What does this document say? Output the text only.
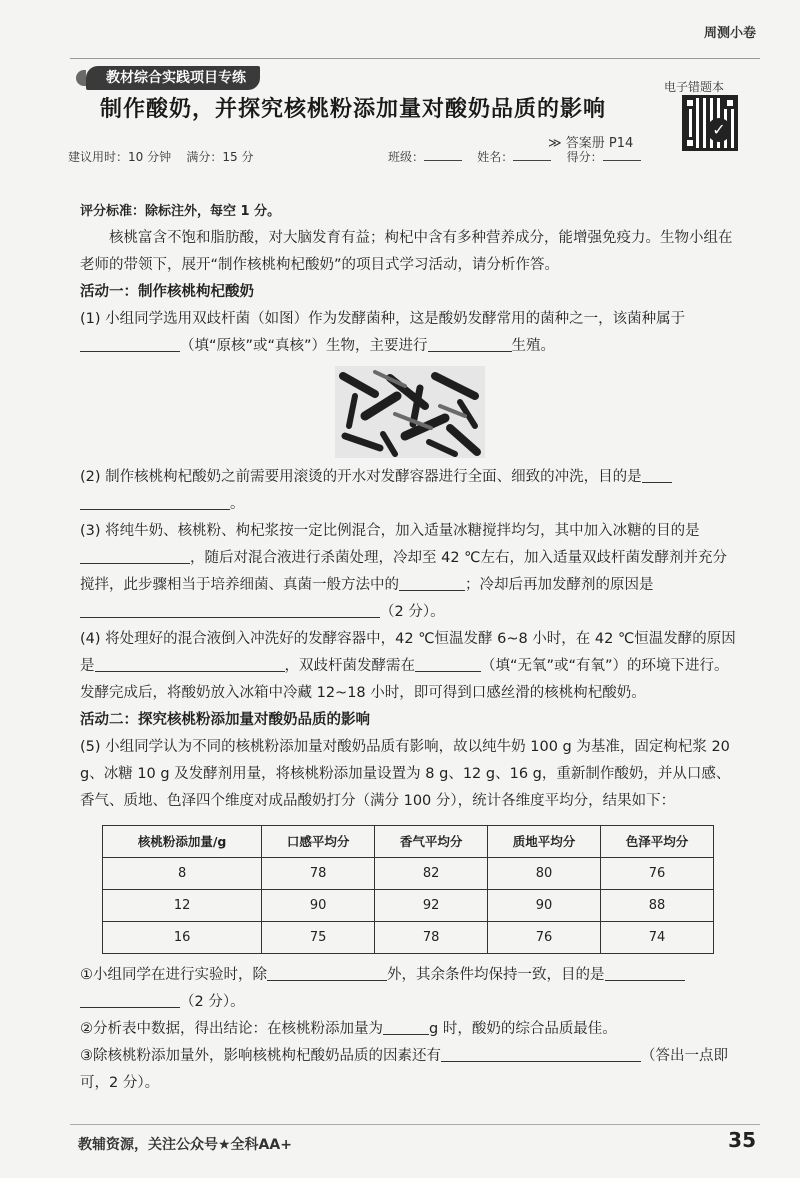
周测小卷
教材综合实践项目专练
制作酸奶，并探究核桃粉添加量对酸奶品质的影响
电子错题本
✓
≫ 答案册 P14
建议用时：10 分钟 满分：15 分	班级：	姓名：	得分：

评分标准：除标注外，每空 1 分。

核桃富含不饱和脂肪酸，对大脑发育有益；枸杞中含有多种营养成分，能增强免疫力。生物小组在老师的带领下，展开“制作核桃枸杞酸奶”的项目式学习活动，请分析作答。

活动一：制作核桃枸杞酸奶

(1) 小组同学选用双歧杆菌（如图）作为发酵菌种，这是酸奶发酵常用的菌种之一，该菌种属于（填“原核”或“真核”）生物，主要进行	生殖。

(2) 制作核桃枸杞酸奶之前需要用滚烫的开水对发酵容器进行全面、细致的冲洗，目的是
。

(3) 将纯牛奶、核桃粉、枸杞浆按一定比例混合，加入适量冰糖搅拌均匀，其中加入冰糖的目的是，随后对混合液进行杀菌处理，冷却至 42 ℃左右，加入适量双歧杆菌发酵剂并充分搅拌，此步骤相当于培养细菌、真菌一般方法中的	；冷却后再加发酵剂的原因是（2 分）。

(4) 将处理好的混合液倒入冲洗好的发酵容器中，42 ℃恒温发酵 6~8 小时，在 42 ℃恒温发酵的原因是	，双歧杆菌发酵需在	（填“无氧”或“有氧”）的环境下进行。发酵完成后，将酸奶放入冰箱中冷藏 12~18 小时，即可得到口感丝滑的核桃枸杞酸奶。

活动二：探究核桃粉添加量对酸奶品质的影响

(5) 小组同学认为不同的核桃粉添加量对酸奶品质有影响，故以纯牛奶 100 g 为基准，固定枸杞浆 20 g、冰糖 10 g 及发酵剂用量，将核桃粉添加量设置为 8 g、12 g、16 g，重新制作酸奶，并从口感、香气、质地、色泽四个维度对成品酸奶打分（满分 100 分），统计各维度平均分，结果如下：

核桃粉添加量/g	口感平均分	香气平均分	质地平均分	色泽平均分
8	78	82	80	76
12	90	92	90	88
16	75	78	76	74

①小组同学在进行实验时，除	外，其余条件均保持一致，目的是
（2 分）。

②分析表中数据，得出结论：在核桃粉添加量为	g 时，酸奶的综合品质最佳。

③除核桃粉添加量外，影响核桃枸杞酸奶品质的因素还有	（答出一点即可，2 分）。

教辅资源，关注公众号★全科AA+	35
